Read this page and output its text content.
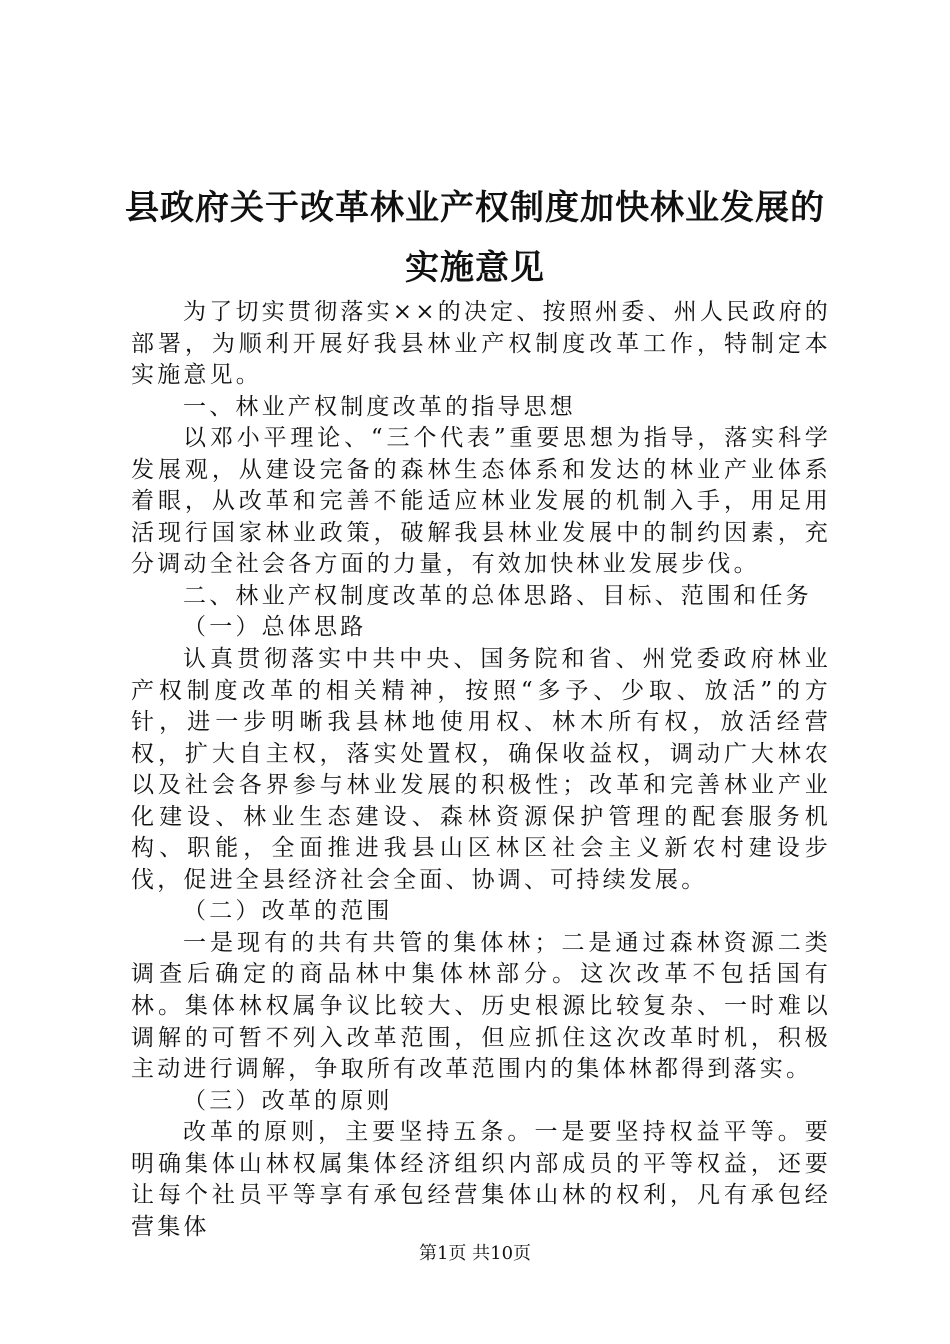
县政府关于改革林业产权制度加快林业发展的
实施意见

为了切实贯彻落实××的决定、按照州委、州人民政府的部署，为顺利开展好我县林业产权制度改革工作，特制定本实施意见。

一、林业产权制度改革的指导思想

以邓小平理论、“三个代表”重要思想为指导，落实科学发展观，从建设完备的森林生态体系和发达的林业产业体系着眼，从改革和完善不能适应林业发展的机制入手，用足用活现行国家林业政策，破解我县林业发展中的制约因素，充分调动全社会各方面的力量，有效加快林业发展步伐。

二、林业产权制度改革的总体思路、目标、范围和任务

（一）总体思路

认真贯彻落实中共中央、国务院和省、州党委政府林业产权制度改革的相关精神，按照“多予、少取、放活”的方针，进一步明晰我县林地使用权、林木所有权，放活经营权，扩大自主权，落实处置权，确保收益权，调动广大林农以及社会各界参与林业发展的积极性；改革和完善林业产业化建设、林业生态建设、森林资源保护管理的配套服务机构、职能，全面推进我县山区林区社会主义新农村建设步伐，促进全县经济社会全面、协调、可持续发展。

（二）改革的范围

一是现有的共有共管的集体林；二是通过森林资源二类调查后确定的商品林中集体林部分。这次改革不包括国有林。集体林权属争议比较大、历史根源比较复杂、一时难以调解的可暂不列入改革范围，但应抓住这次改革时机，积极主动进行调解，争取所有改革范围内的集体林都得到落实。

（三）改革的原则

改革的原则，主要坚持五条。一是要坚持权益平等。要明确集体山林权属集体经济组织内部成员的平等权益，还要让每个社员平等享有承包经营集体山林的权利，凡有承包经营集体

第1页 共10页
